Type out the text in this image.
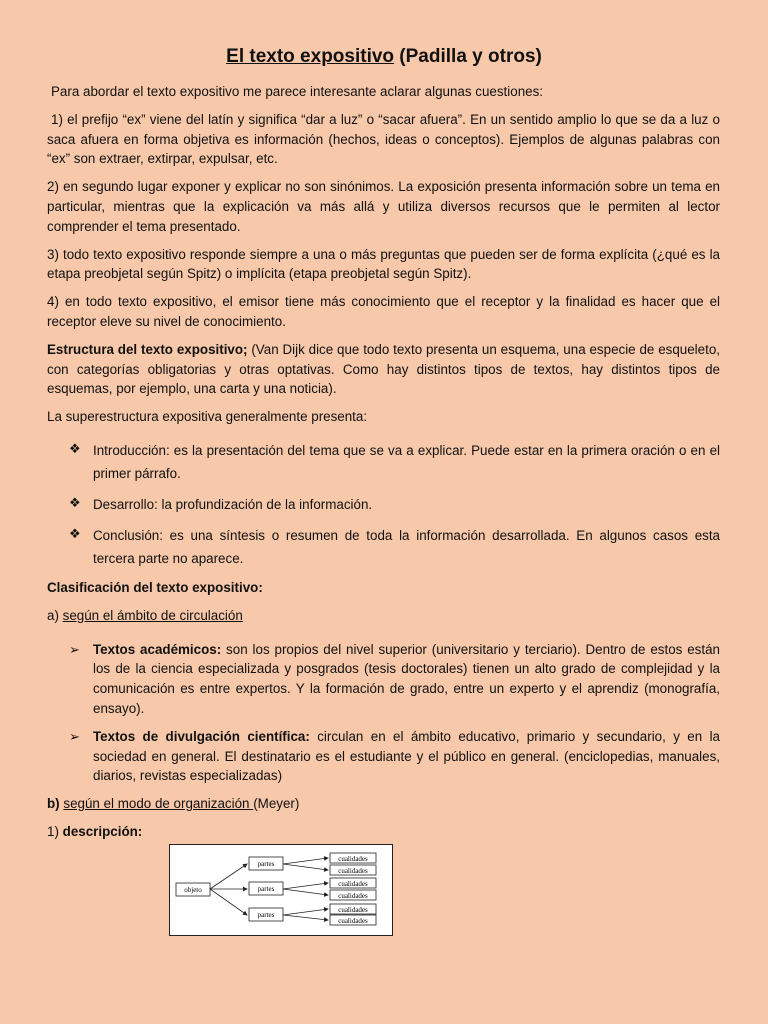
El texto expositivo (Padilla y otros)

Para abordar el texto expositivo me parece interesante aclarar algunas cuestiones:

1) el prefijo “ex” viene del latín y significa “dar a luz” o “sacar afuera”. En un sentido amplio lo que se da a luz o saca afuera en forma objetiva es información (hechos, ideas o conceptos). Ejemplos de algunas palabras con “ex” son extraer, extirpar, expulsar, etc.

2) en segundo lugar exponer y explicar no son sinónimos. La exposición presenta información sobre un tema en particular, mientras que la explicación va más allá y utiliza diversos recursos que le permiten al lector comprender el tema presentado.

3) todo texto expositivo responde siempre a una o más preguntas que pueden ser de forma explícita (¿qué es la etapa preobjetal según Spitz) o implícita (etapa preobjetal según Spitz).

4) en todo texto expositivo, el emisor tiene más conocimiento que el receptor y la finalidad es hacer que el receptor eleve su nivel de conocimiento.

Estructura del texto expositivo; (Van Dijk dice que todo texto presenta un esquema, una especie de esqueleto, con categorías obligatorias y otras optativas. Como hay distintos tipos de textos, hay distintos tipos de esquemas, por ejemplo, una carta y una noticia).

La superestructura expositiva generalmente presenta:

❖ Introducción: es la presentación del tema que se va a explicar. Puede estar en la primera oración o en el primer párrafo.
❖ Desarrollo: la profundización de la información.
❖ Conclusión: es una síntesis o resumen de toda la información desarrollada. En algunos casos esta tercera parte no aparece.

Clasificación del texto expositivo:

a) según el ámbito de circulación

➢ Textos académicos: son los propios del nivel superior (universitario y terciario). Dentro de estos están los de la ciencia especializada y posgrados (tesis doctorales) tienen un alto grado de complejidad y la comunicación es entre expertos. Y la formación de grado, entre un experto y el aprendiz (monografía, ensayo).
➢ Textos de divulgación científica: circulan en el ámbito educativo, primario y secundario, y en la sociedad en general. El destinatario es el estudiante y el público en general. (enciclopedias, manuales, diarios, revistas especializadas)

b) según el modo de organización (Meyer)

1) descripción:

objeto
partes
partes
partes
cualidades
cualidades
cualidades
cualidades
cualidades
cualidades
